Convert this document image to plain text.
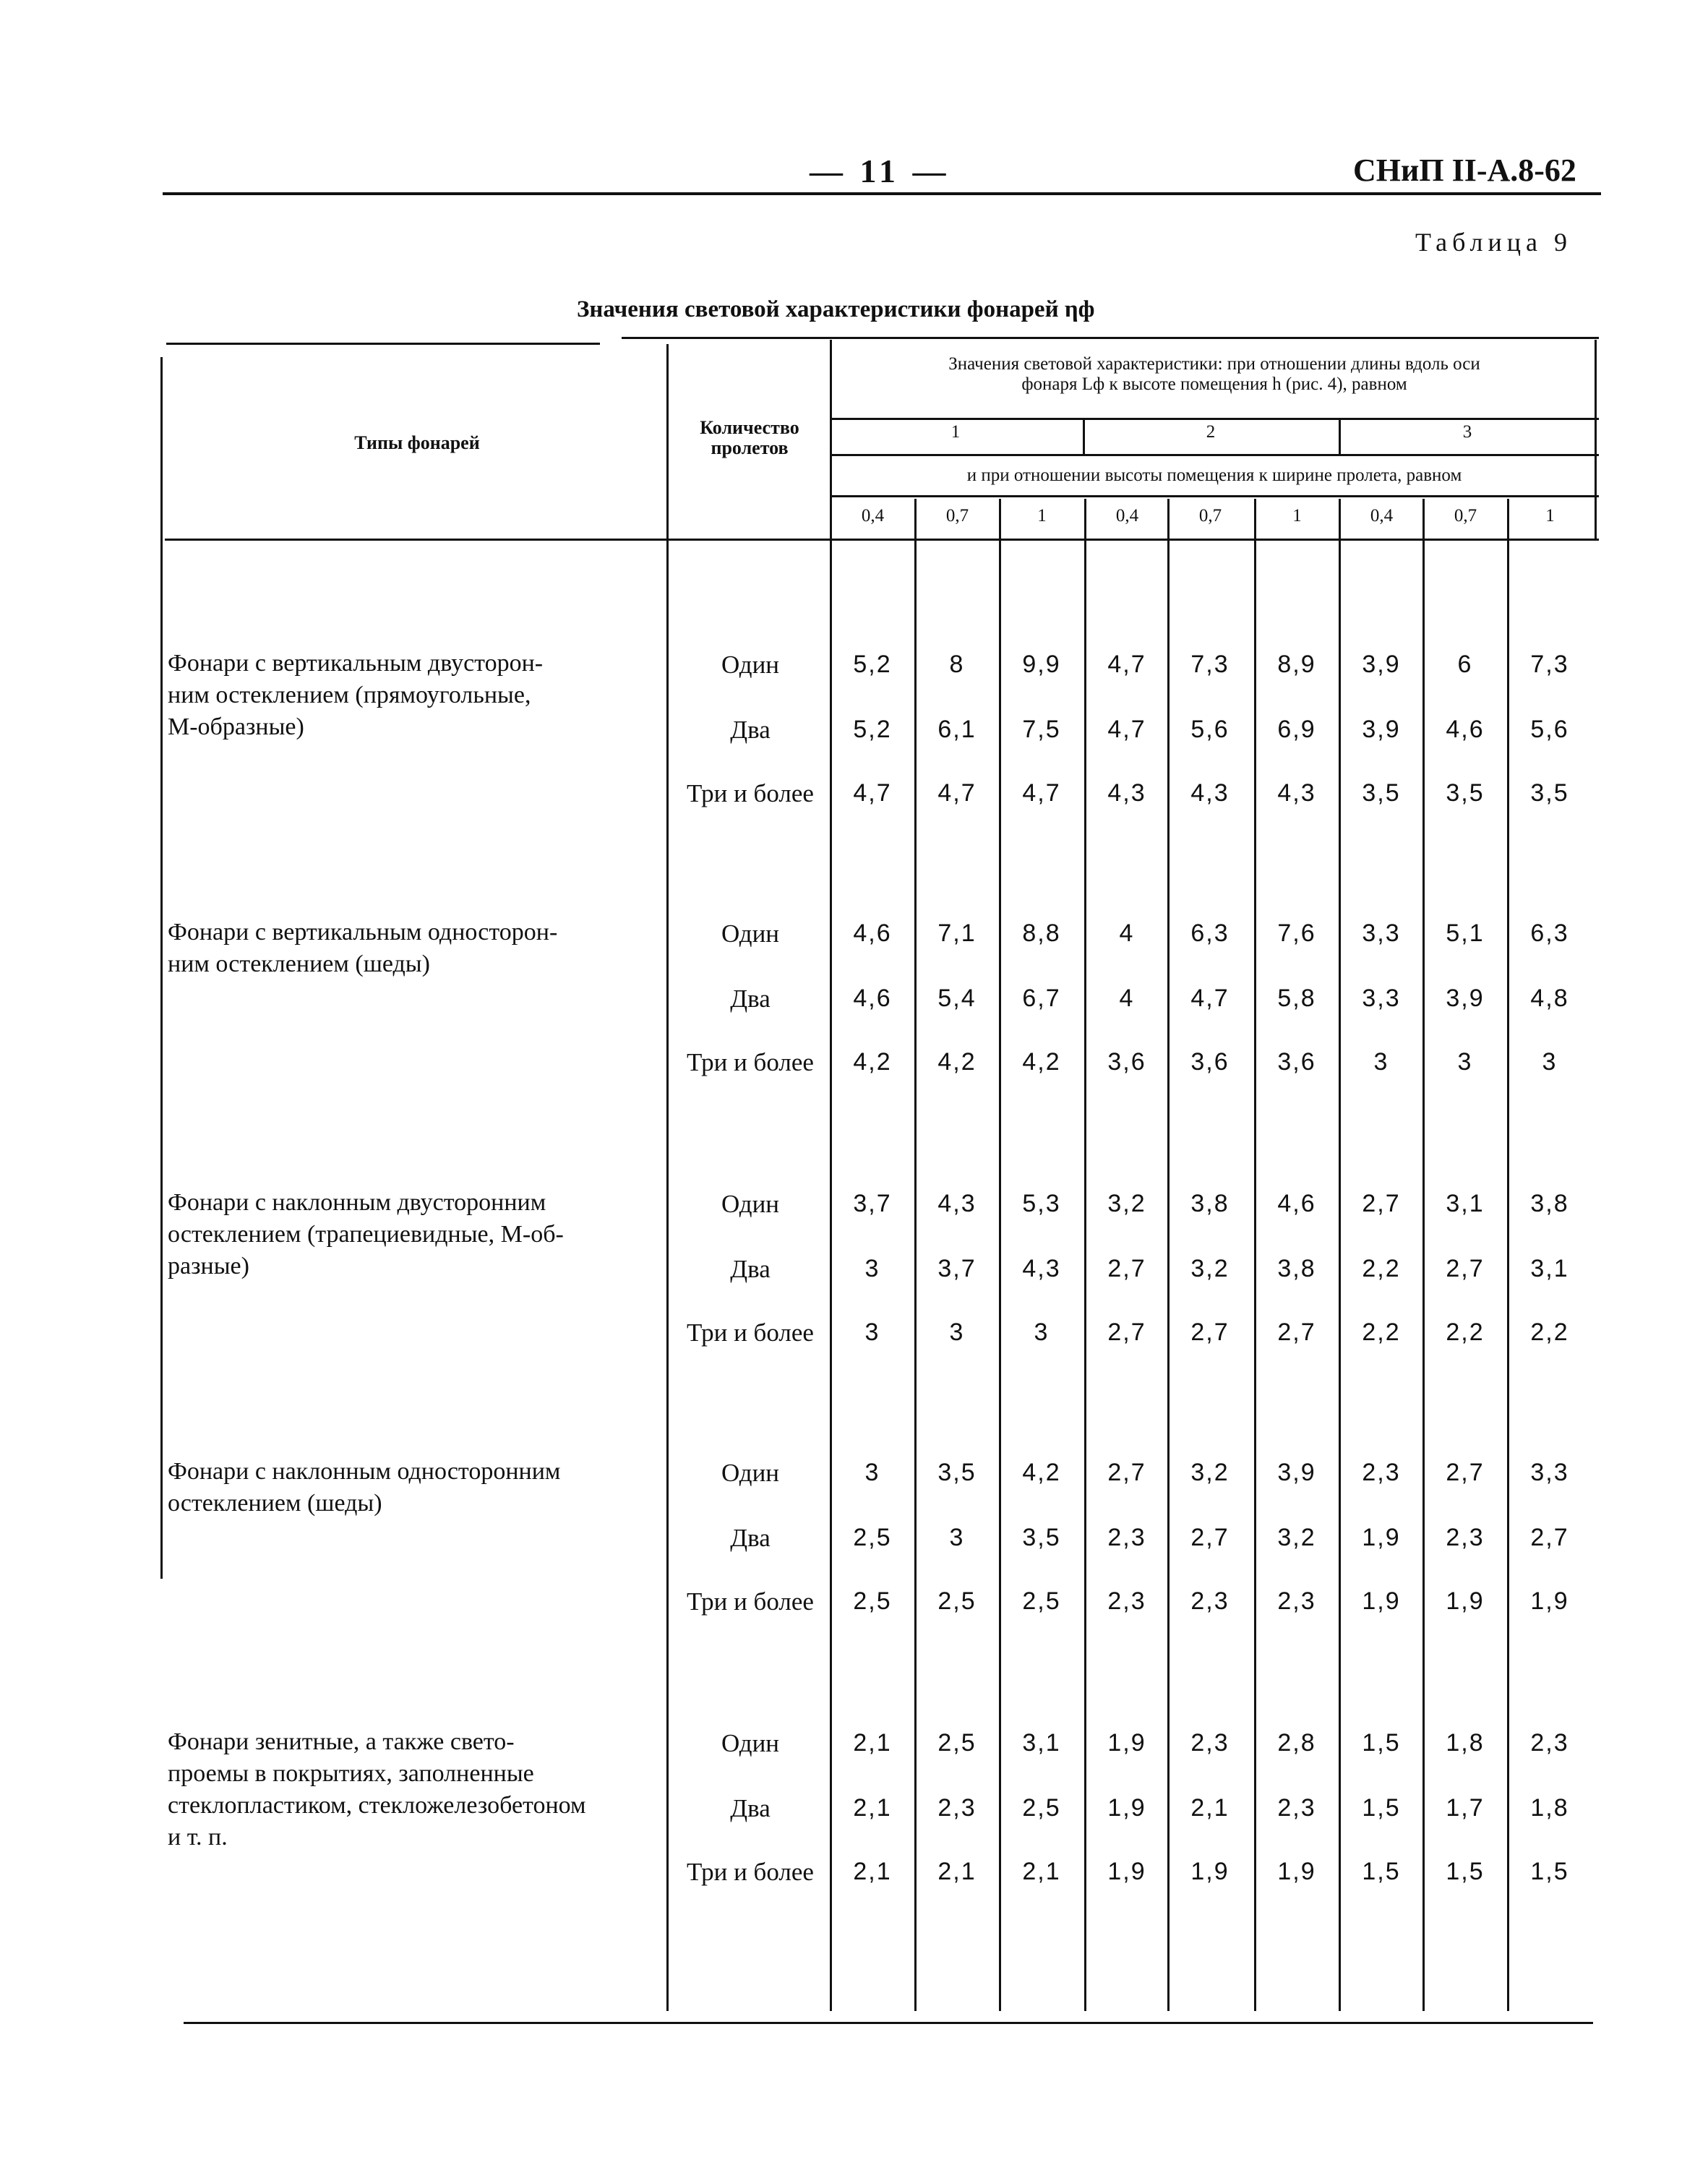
— 11 —	СНиП II-А.8-62
Таблица 9
Значения световой характеристики фонарей ηф
Типы фонарей
Количество пролетов
Значения световой характеристики: при отношении длины вдоль оси
фонаря Lф к высоте помещения h (рис. 4), равном
и при отношении высоты помещения к ширине пролета, равном
1	2	3
0,4	0,7	1	0,4	0,7	1	0,4	0,7	1
Фонари с вертикальным двусторон-
ним остеклением (прямоугольные,
М-образные)
Один	5,2	8	9,9	4,7	7,3	8,9	3,9	6	7,3
Два	5,2	6,1	7,5	4,7	5,6	6,9	3,9	4,6	5,6
Три и более	4,7	4,7	4,7	4,3	4,3	4,3	3,5	3,5	3,5
Фонари с вертикальным односторон-
ним остеклением (шеды)
Один	4,6	7,1	8,8	4	6,3	7,6	3,3	5,1	6,3
Два	4,6	5,4	6,7	4	4,7	5,8	3,3	3,9	4,8
Три и более	4,2	4,2	4,2	3,6	3,6	3,6	3	3	3
Фонари с наклонным двусторонним
остеклением (трапециевидные, М-об-
разные)
Один	3,7	4,3	5,3	3,2	3,8	4,6	2,7	3,1	3,8
Два	3	3,7	4,3	2,7	3,2	3,8	2,2	2,7	3,1
Три и более	3	3	3	2,7	2,7	2,7	2,2	2,2	2,2
Фонари с наклонным односторонним
остеклением (шеды)
Один	3	3,5	4,2	2,7	3,2	3,9	2,3	2,7	3,3
Два	2,5	3	3,5	2,3	2,7	3,2	1,9	2,3	2,7
Три и более	2,5	2,5	2,5	2,3	2,3	2,3	1,9	1,9	1,9
Фонари зенитные, а также свето-
проемы в покрытиях, заполненные
стеклопластиком, стекложелезобетоном
и т. п.
Один	2,1	2,5	3,1	1,9	2,3	2,8	1,5	1,8	2,3
Два	2,1	2,3	2,5	1,9	2,1	2,3	1,5	1,7	1,8
Три и более	2,1	2,1	2,1	1,9	1,9	1,9	1,5	1,5	1,5
